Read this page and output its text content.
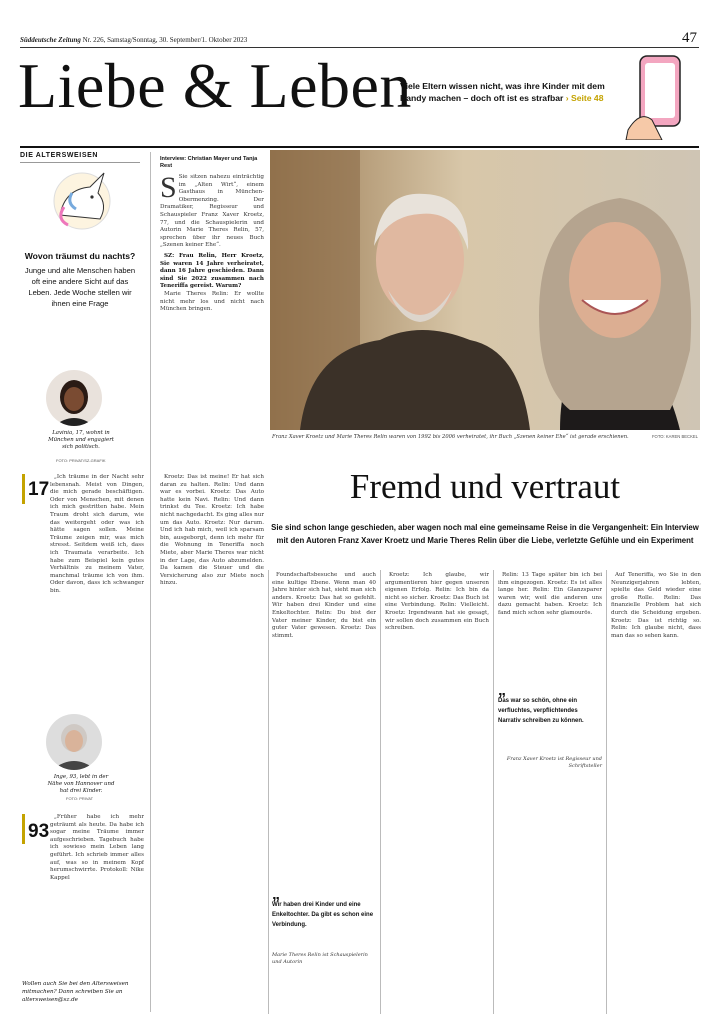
Süddeutsche Zeitung Nr. 226, Samstag/Sonntag, 30. September/1. Oktober 2023	47
Liebe & Leben
Viele Eltern wissen nicht, was ihre Kinder mit dem Handy machen – doch oft ist es strafbar › Seite 48
DIE ALTERSWEISEN
Wovon träumst du nachts?
Junge und alte Menschen haben oft eine andere Sicht auf das Leben. Jede Woche stellen wir ihnen eine Frage
Lavinia, 17, wohnt in München und engagiert sich politisch.
FOTO: PRIVAT/SZ-GRAFIK
17

„Ich träume in der Nacht sehr lebensnah. Meist von Dingen, die mich gerade beschäftigen. Oder von Menschen, mit denen ich mich gestritten habe. Mein Traum droht sich darum, wie das weitergeht oder was ich hätte sagen sollen. Meine Träume zeigen mir, was mich stresst. Seitdem weiß ich, dass ich Traumata verarbeite. Ich habe zum Beispiel kein gutes Verhältnis zu meinem Vater, manchmal träume ich von ihm. Oder davon, dass ich schwanger bin.

Inge, 93, lebt in der Nähe von Hannover und hat drei Kinder.
FOTO: PRIVAT
93

„Früher habe ich mehr geträumt als heute. Da habe ich sogar meine Träume immer aufgeschrieben. Tagebuch habe ich sowieso mein Leben lang geführt. Ich schrieb immer alles auf, was so in meinem Kopf herumschwirrte. Protokoll: Nike Kappel

Wollen auch Sie bei den Altersweisen mitmachen? Dann schreiben Sie an altersweisen@sz.de
Interview: Christian Mayer und Tanja Rest
S Sie sitzen nahezu einträchtig im „Alten Wirt“, einem Gasthaus in München-Obermenzing. Der Dramatiker, Regisseur und Schauspieler Franz Xaver Kroetz, 77, und die Schauspielerin und Autorin Marie Theres Relin, 57, sprechen über ihr neues Buch „Szenen keiner Ehe“.

SZ: Frau Relin, Herr Kroetz, Sie waren 14 Jahre verheiratet, dann 16 Jahre geschieden. Dann sind Sie 2022 zusammen nach Teneriffa gereist. Warum?

Marie Theres Relin: Er wollte nicht mehr los und nicht nach München bringen.

Franz Xaver Kroetz und Marie Theres Relin waren von 1992 bis 2006 verheiratet, ihr Buch „Szenen keiner Ehe“ ist gerade erschienen.	FOTO: KAREN BECKEL
Fremd und vertraut
Sie sind schon lange geschieden, aber wagen noch mal eine gemeinsame Reise in die Vergangenheit: Ein Interview mit den Autoren Franz Xaver Kroetz und Marie Theres Relin über die Liebe, verletzte Gefühle und ein Experiment

Kroetz: Das ist meine! Er hat sich daran zu halten. Relin: Und dann war es vorbei. Kroetz: Das Auto hatte kein Navi. Relin: Und dann trinkst du Tee. Kroetz: Ich habe nicht nachgedacht. Es ging alles nur um das Auto. Kroetz: Nur darum. Und ich hab mich, weil ich sparsam bin, ausgeborgt, denn ich mehr für die Wohnung in Teneriffa noch Miete, aber Marie Theres war nicht in der Lage, das Auto abzumelden. Da kamen die Steuer und die Versicherung also zur Miete noch hinzu.

Foundschaftsbesuche und auch eine kultige Ebene. Wenn man 40 Jahre hinter sich hat, sieht man sich anders. Kroetz: Das hat so gefehlt. Wir haben drei Kinder und eine Enkeltochter. Relin: Du bist der Vater meiner Kinder, du bist ein guter Vater gewesen. Kroetz: Das stimmt.

„
Wir haben drei Kinder und eine Enkeltochter. Da gibt es schon eine Verbindung.
Marie Theres Relin ist Schauspielerin und Autorin

Kroetz: Ich glaube, wir argumentieren hier gegen unseren eigenen Erfolg. Relin: Ich bin da nicht so sicher. Kroetz: Das Buch ist eine Verbindung. Relin: Vielleicht. Kroetz: Irgendwann hat sie gesagt, wir sollen doch zusammen ein Buch schreiben.

Relin: 13 Tage später bin ich bei ihm eingezogen. Kroetz: Es ist alles lange her. Relin: Ein Glanzsparer waren wir, weil die anderen uns dazu gemacht haben. Kroetz: Ich fand mich schon sehr glamourös.

„
Das war so schön, ohne ein verfluchtes, verpflichtendes Narrativ schreiben zu können.
Franz Xaver Kroetz ist Regisseur und Schriftsteller

Auf Teneriffa, wo Sie in den Neunzigerjahren lebten, spielte das Geld wieder eine große Rolle. Relin: Das finanzielle Problem hat sich durch die Scheidung ergeben. Kroetz: Das ist richtig so. Relin: Ich glaube nicht, dass man das so sehen kann.
